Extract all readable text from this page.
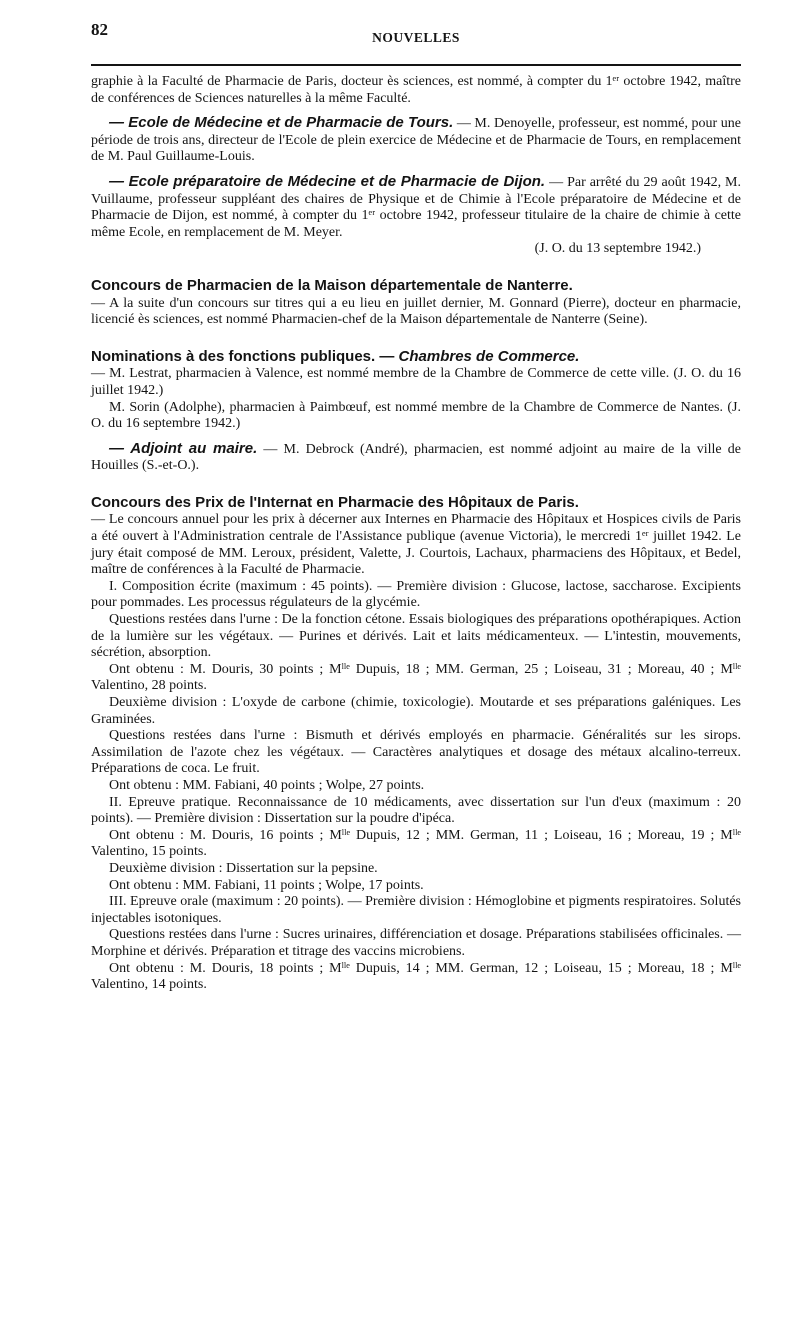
82	NOUVELLES

graphie à la Faculté de Pharmacie de Paris, docteur ès sciences, est nommé, à compter du 1ᵉʳ octobre 1942, maître de conférences de Sciences naturelles à la même Faculté.

— Ecole de Médecine et de Pharmacie de Tours. — M. Denoyelle, professeur, est nommé, pour une période de trois ans, directeur de l'Ecole de plein exercice de Médecine et de Pharmacie de Tours, en remplacement de M. Paul Guillaume-Louis.

— Ecole préparatoire de Médecine et de Pharmacie de Dijon. — Par arrêté du 29 août 1942, M. Vuillaume, professeur suppléant des chaires de Physique et de Chimie à l'Ecole préparatoire de Médecine et de Pharmacie de Dijon, est nommé, à compter du 1ᵉʳ octobre 1942, professeur titulaire de la chaire de chimie à cette même Ecole, en remplacement de M. Meyer.

(J. O. du 13 septembre 1942.)

Concours de Pharmacien de la Maison départementale de Nanterre.

— A la suite d'un concours sur titres qui a eu lieu en juillet dernier, M. Gonnard (Pierre), docteur en pharmacie, licencié ès sciences, est nommé Pharmacien-chef de la Maison départementale de Nanterre (Seine).

Nominations à des fonctions publiques. — Chambres de Commerce.

— M. Lestrat, pharmacien à Valence, est nommé membre de la Chambre de Commerce de cette ville. (J. O. du 16 juillet 1942.)

M. Sorin (Adolphe), pharmacien à Paimbœuf, est nommé membre de la Chambre de Commerce de Nantes. (J. O. du 16 septembre 1942.)

— Adjoint au maire. — M. Debrock (André), pharmacien, est nommé adjoint au maire de la ville de Houilles (S.-et-O.).

Concours des Prix de l'Internat en Pharmacie des Hôpitaux de Paris.

— Le concours annuel pour les prix à décerner aux Internes en Pharmacie des Hôpitaux et Hospices civils de Paris a été ouvert à l'Administration centrale de l'Assistance publique (avenue Victoria), le mercredi 1ᵉʳ juillet 1942. Le jury était composé de MM. Leroux, président, Valette, J. Courtois, Lachaux, pharmaciens des Hôpitaux, et Bedel, maître de conférences à la Faculté de Pharmacie.

I. Composition écrite (maximum : 45 points). — Première division : Glucose, lactose, saccharose. Excipients pour pommades. Les processus régulateurs de la glycémie.

Questions restées dans l'urne : De la fonction cétone. Essais biologiques des préparations opothérapiques. Action de la lumière sur les végétaux. — Purines et dérivés. Lait et laits médicamenteux. — L'intestin, mouvements, sécrétion, absorption.

Ont obtenu : M. Douris, 30 points ; Mˡˡᵉ Dupuis, 18 ; MM. German, 25 ; Loiseau, 31 ; Moreau, 40 ; Mˡˡᵉ Valentino, 28 points.

Deuxième division : L'oxyde de carbone (chimie, toxicologie). Moutarde et ses préparations galéniques. Les Graminées.

Questions restées dans l'urne : Bismuth et dérivés employés en pharmacie. Généralités sur les sirops. Assimilation de l'azote chez les végétaux. — Caractères analytiques et dosage des métaux alcalino-terreux. Préparations de coca. Le fruit.

Ont obtenu : MM. Fabiani, 40 points ; Wolpe, 27 points.

II. Epreuve pratique. Reconnaissance de 10 médicaments, avec dissertation sur l'un d'eux (maximum : 20 points). — Première division : Dissertation sur la poudre d'ipéca.

Ont obtenu : M. Douris, 16 points ; Mˡˡᵉ Dupuis, 12 ; MM. German, 11 ; Loiseau, 16 ; Moreau, 19 ; Mˡˡᵉ Valentino, 15 points.

Deuxième division : Dissertation sur la pepsine.

Ont obtenu : MM. Fabiani, 11 points ; Wolpe, 17 points.

III. Epreuve orale (maximum : 20 points). — Première division : Hémoglobine et pigments respiratoires. Solutés injectables isotoniques.

Questions restées dans l'urne : Sucres urinaires, différenciation et dosage. Préparations stabilisées officinales. — Morphine et dérivés. Préparation et titrage des vaccins microbiens.

Ont obtenu : M. Douris, 18 points ; Mˡˡᵉ Dupuis, 14 ; MM. German, 12 ; Loiseau, 15 ; Moreau, 18 ; Mˡˡᵉ Valentino, 14 points.
